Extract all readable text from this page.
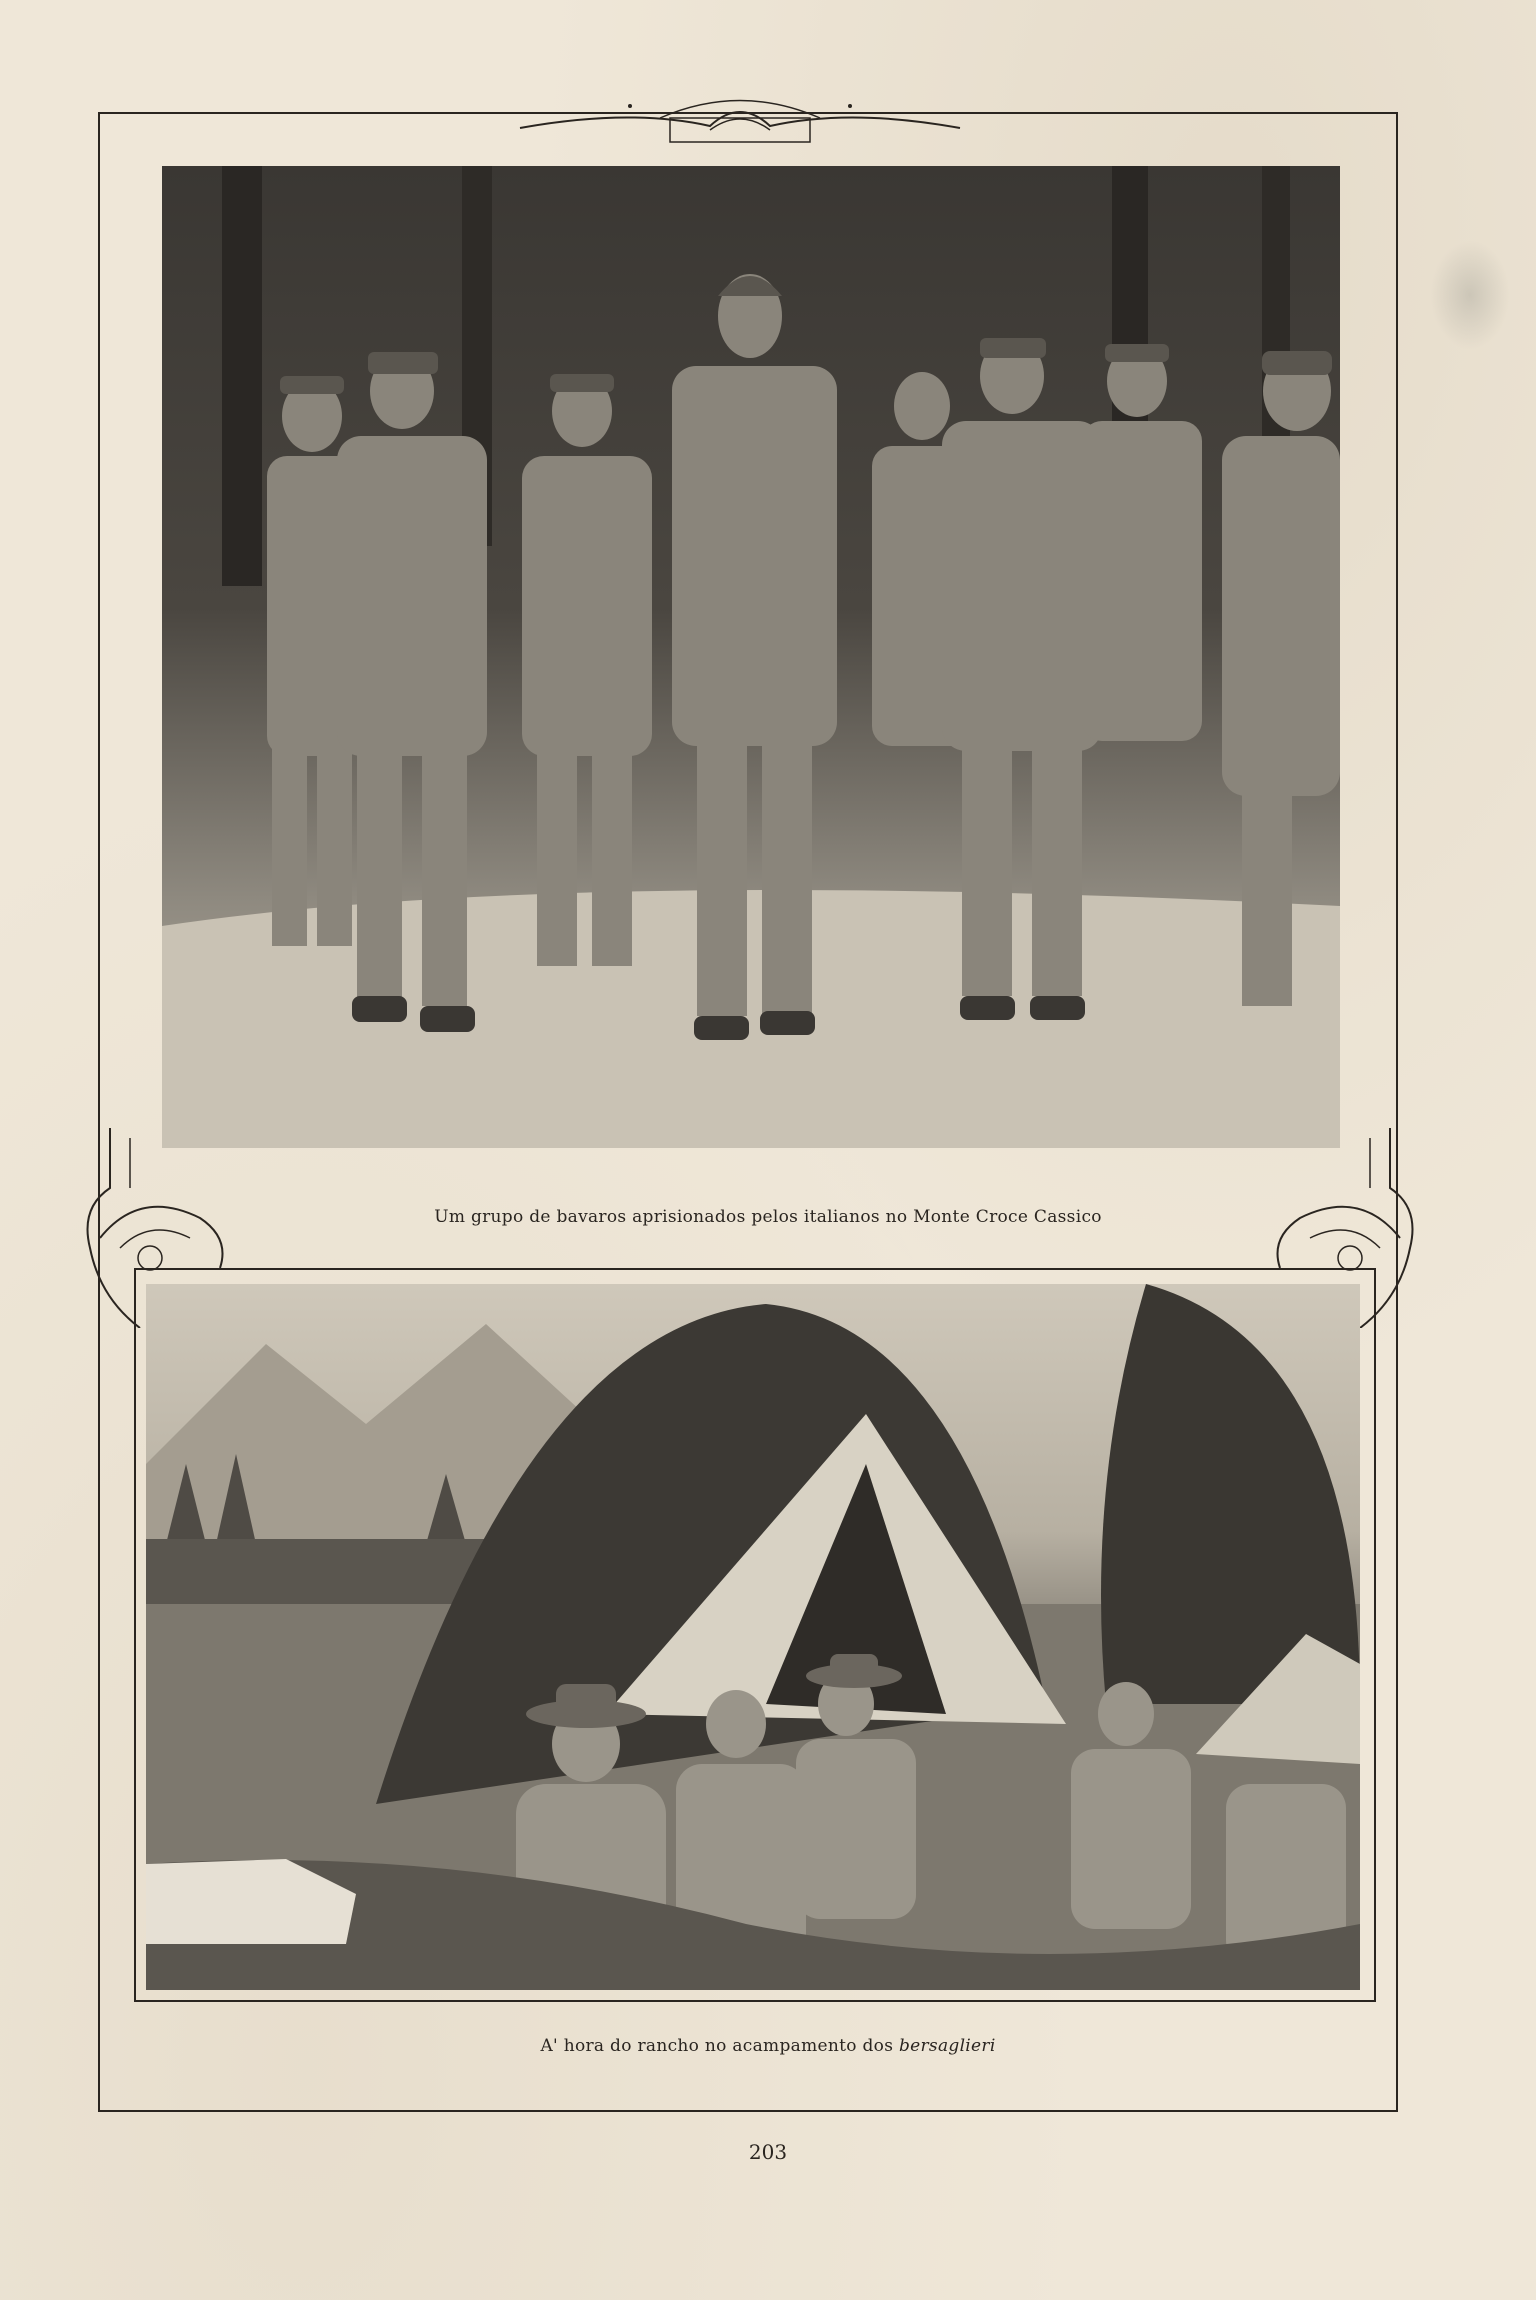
Um grupo de bavaros aprisionados pelos italianos no Monte Croce Cassico
A' hora do rancho no acampamento dos bersaglieri
203
